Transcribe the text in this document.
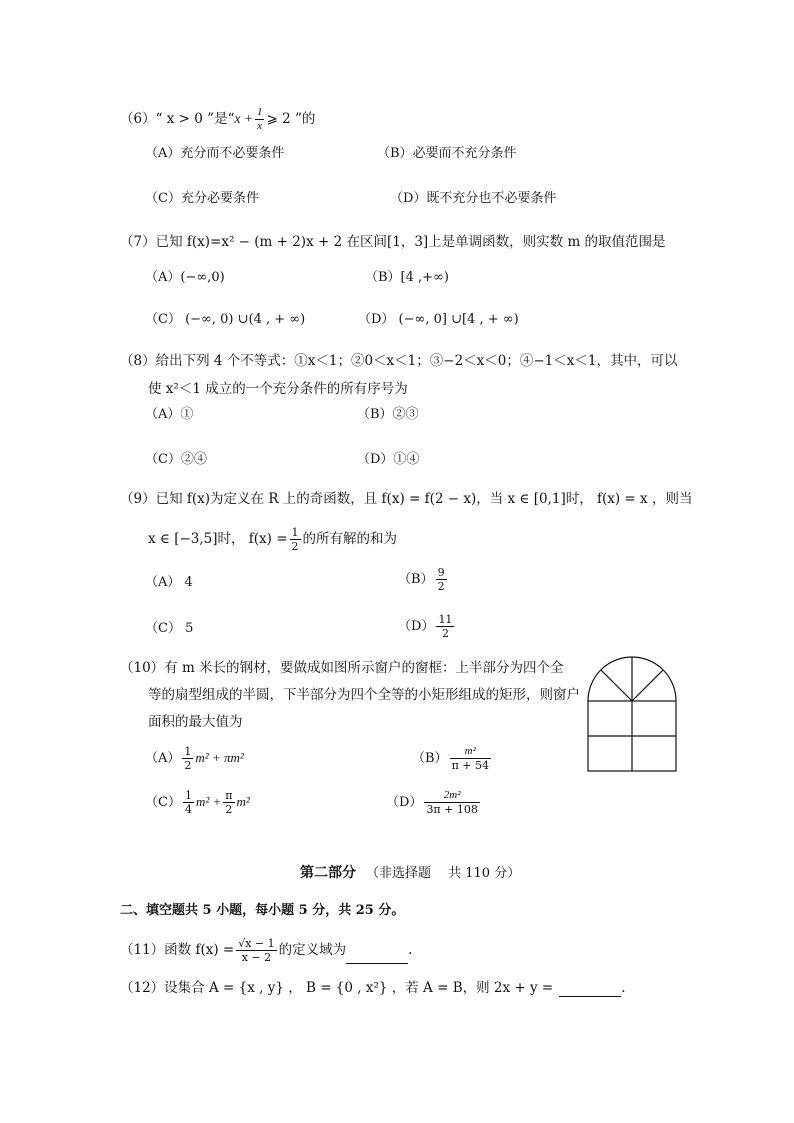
（6）“ x > 0 ”是“$x + \frac{1}{x}$ ⩾ 2 ”的
（A）充分而不必要条件	（B）必要而不充分条件
（C）充分必要条件	（D）既不充分也不必要条件
（7）已知 f(x)=x² − (m + 2)x + 2 在区间[1，3]上是单调函数，则实数 m 的取值范围是
（A）(−∞,0)	（B）[4 ,+∞)
（C） (−∞, 0) ∪(4 , + ∞)	（D） (−∞, 0] ∪[4 , + ∞)
（8）给出下列 4 个不等式：①x＜1；②0＜x＜1；③−2＜x＜0；④−1＜x＜1，其中，可以
使 x²＜1 成立的一个充分条件的所有序号为
（A）①	（B）②③
（C）②④	（D）①④
（9）已知 f(x)为定义在 R 上的奇函数，且 f(x) = f(2 − x)，当 x ∈ [0,1]时， f(x) = x ，则当
x ∈ [−3,5]时， $f(x) = \frac{1}{2}$ 的所有解的和为
（A） 4	$(B) \frac{9}{2}$
（C） 5	$(D) \frac{11}{2}$
（10）有 m 米长的钢材，要做成如图所示窗户的窗框：上半部分为四个全
等的扇型组成的半圆，下半部分为四个全等的小矩形组成的矩形，则窗户
面积的最大值为
$(A) \frac{1}{2} m^2 + \pi m^2$	$(B) \frac{\text{m²}}{\pi + 54}$
$(C) \frac{1}{4} m^2 + \frac{\pi}{2} m^2$	$(D) \frac{\text{2m²}}{3\pi + 108}$
第二部分 （非选择题　 共 110 分）
二、填空题共 5 小题，每小题 5 分，共 25 分。
（11）函数 $f(x) = \frac{√x - 1}{x - 2}$ 的定义域为	.
（12）设集合 A = {x , y} ， B = {0 , x²} ，若 A = B，则 2x + y =	.
